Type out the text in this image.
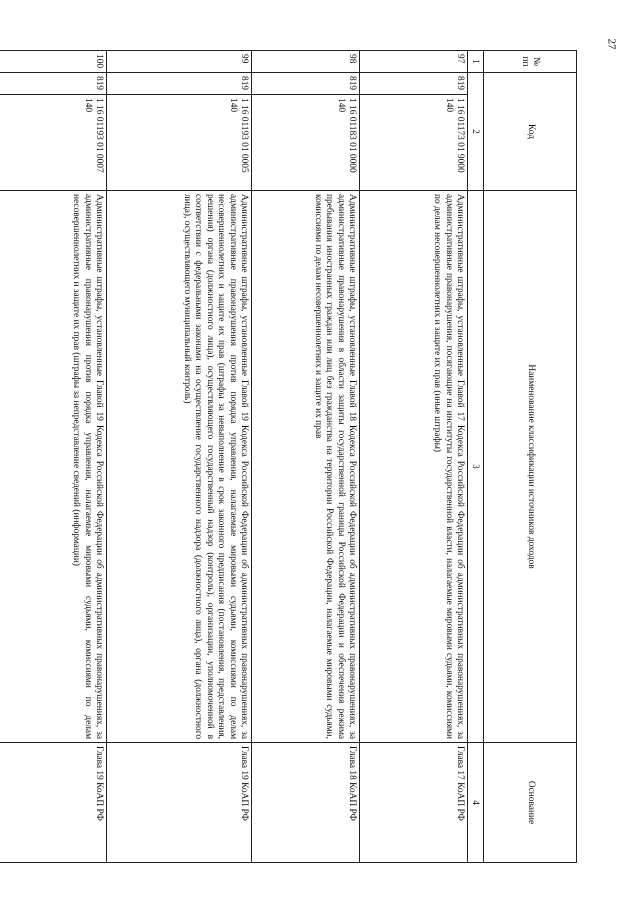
27
№ пп	Код		Наименование классификации источников доходов	Основание
1	2		3	4
97	819	1 16 01173 01 9000 140	Административные штрафы, установленные Главой 17 Кодекса Российской Федерации об административных правонарушениях, за административные правонарушения, посягающие на институты государственной власти, налагаемые мировыми судьями, комиссиями по делам несовершеннолетних и защите их прав (иные штрафы)	Глава 17 КоАП РФ
98	819	1 16 01183 01 0000 140	Административные штрафы, установленные Главой 18 Кодекса Российской Федерации об административных правонарушениях, за административные правонарушения в области защиты государственной границы Российской Федерации и обеспечения режима пребывания иностранных граждан или лиц без гражданства на территории Российской Федерации, налагаемые мировыми судьями, комиссиями по делам несовершеннолетних и защите их прав	Глава 18 КоАП РФ
99	819	1 16 01193 01 0005 140	Административные штрафы, установленные Главой 19 Кодекса Российской Федерации об административных правонарушениях, за административные правонарушения против порядка управления, налагаемые мировыми судьями, комиссиями по делам несовершеннолетних и защите их прав (штрафы за невыполнение в срок законного предписания (постановления, представления, решения) органа (должностного лица), осуществляющего государственный надзор (контроль), организации, уполномоченной в соответствии с федеральными законами на осуществление государственного надзора (должностного лица), органа (должностного лица), осуществляющего муниципальный контроль)	Глава 19 КоАП РФ
100	819	1 16 01193 01 0007 140	Административные штрафы, установленные Главой 19 Кодекса Российской Федерации об административных правонарушениях, за административные правонарушения против порядка управления, налагаемые мировыми судьями, комиссиями по делам несовершеннолетних и защите их прав (штрафы за непредставление сведений (информации)	Глава 19 КоАП РФ
